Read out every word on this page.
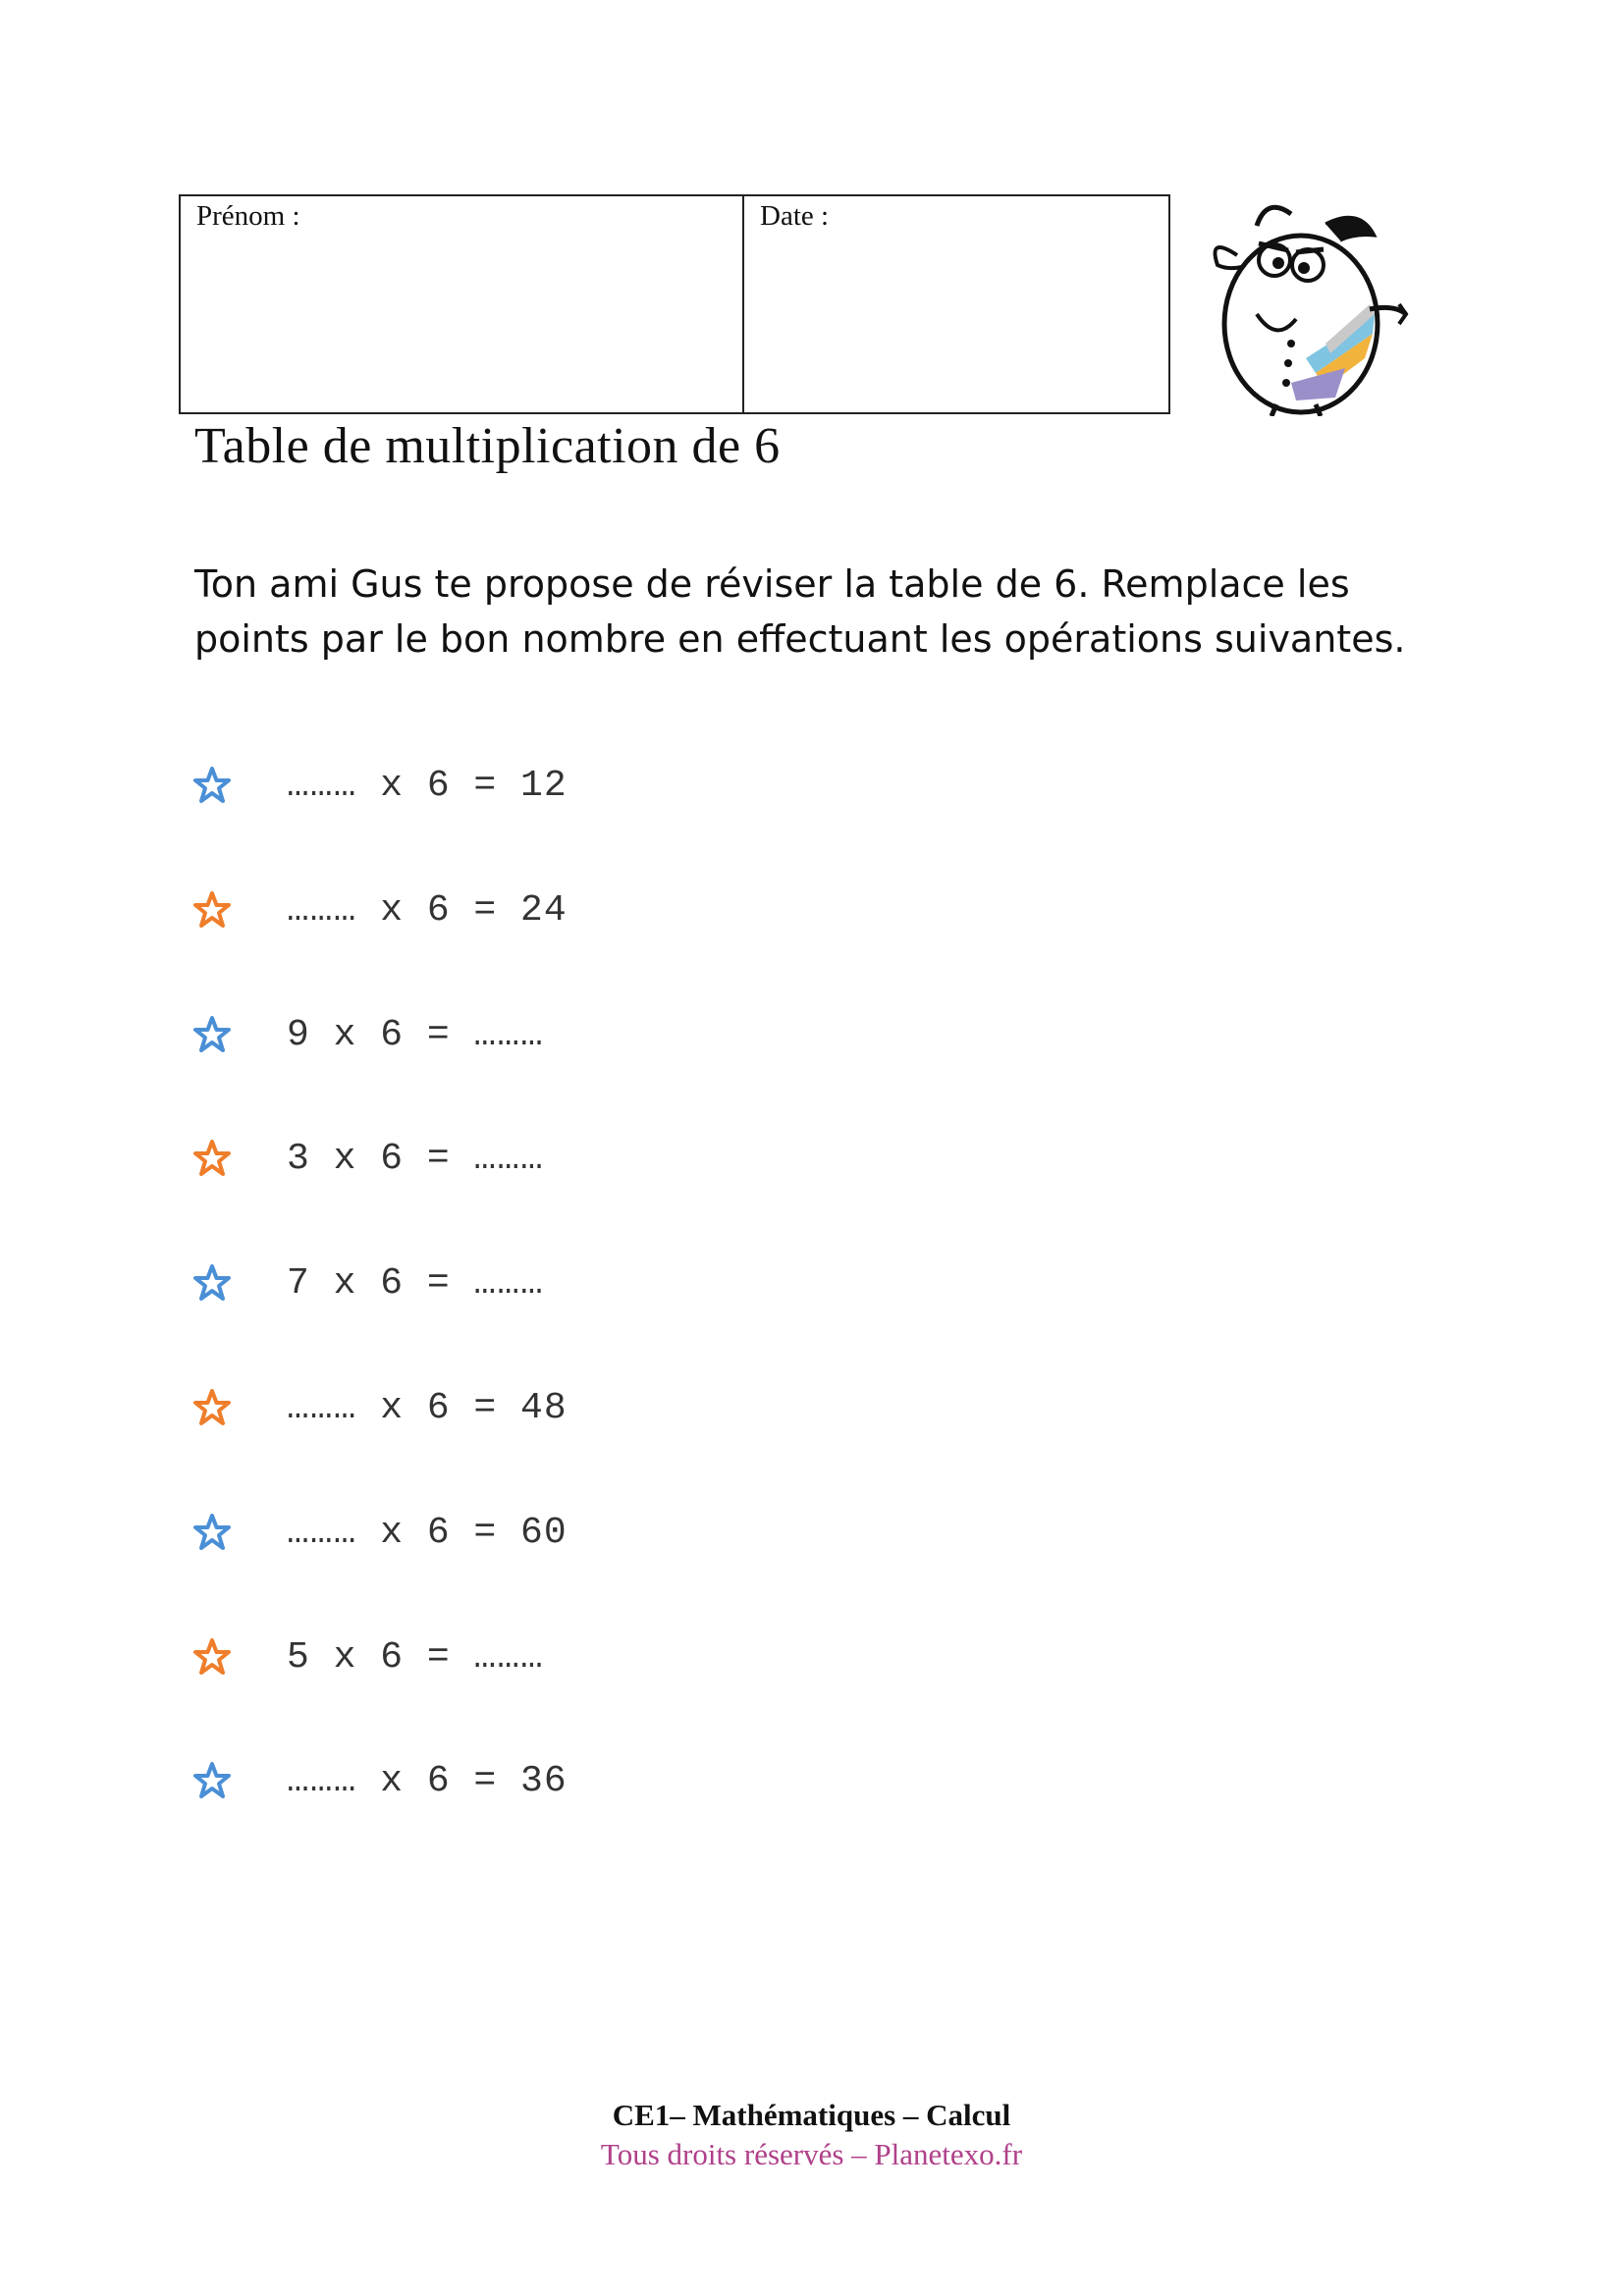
Prénom :	Date :
Table de multiplication de 6

Ton ami Gus te propose de réviser la table de 6. Remplace les points par le bon nombre en effectuant les opérations suivantes.

……… x 6 = 12
……… x 6 = 24
9 x 6 = ………
3 x 6 = ………
7 x 6 = ………
……… x 6 = 48
……… x 6 = 60
5 x 6 = ………
……… x 6 = 36
CE1– Mathématiques – Calcul
Tous droits réservés – Planetexo.fr
